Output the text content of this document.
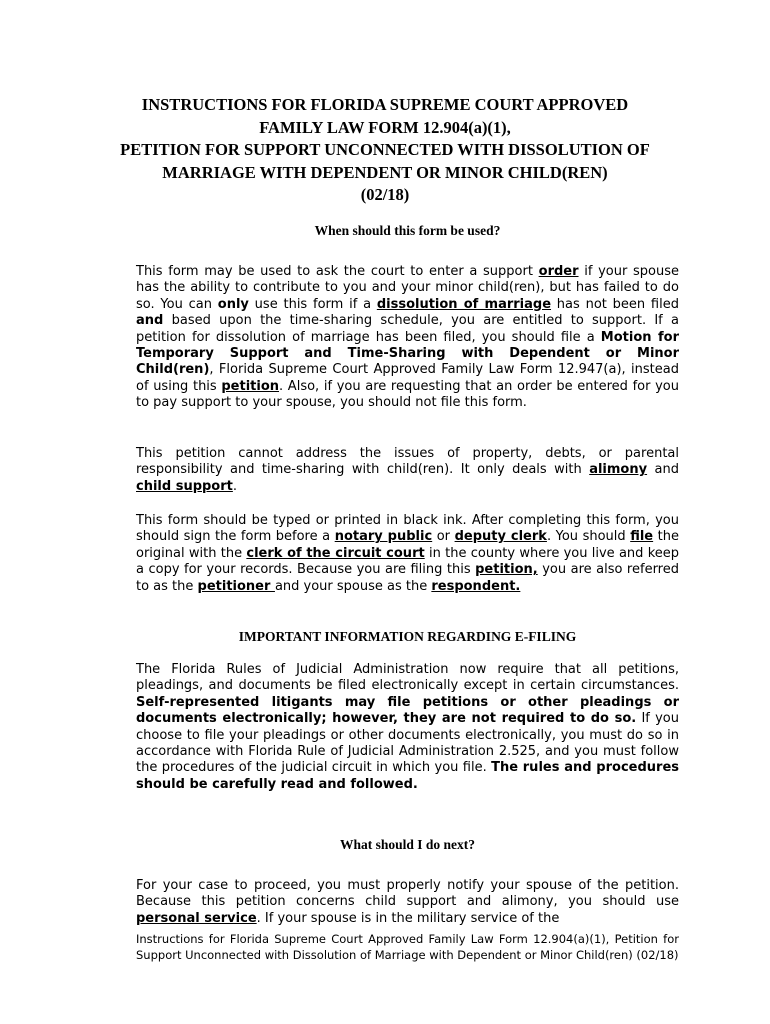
INSTRUCTIONS FOR FLORIDA SUPREME COURT APPROVED
FAMILY LAW FORM 12.904(a)(1),
PETITION FOR SUPPORT UNCONNECTED WITH DISSOLUTION OF
MARRIAGE WITH DEPENDENT OR MINOR CHILD(REN)
(02/18)
When should this form be used?
This form may be used to ask the court to enter a support order if your spouse has the ability to contribute to you and your minor child(ren), but has failed to do so. You can only use this form if a dissolution of marriage has not been filed and based upon the time-sharing schedule, you are entitled to support. If a petition for dissolution of marriage has been filed, you should file a Motion for Temporary Support and Time-Sharing with Dependent or Minor Child(ren), Florida Supreme Court Approved Family Law Form 12.947(a), instead of using this petition. Also, if you are requesting that an order be entered for you to pay support to your spouse, you should not file this form.
This petition cannot address the issues of property, debts, or parental responsibility and time-sharing with child(ren). It only deals with alimony and child support.
This form should be typed or printed in black ink. After completing this form, you should sign the form before a notary public or deputy clerk. You should file the original with the clerk of the circuit court in the county where you live and keep a copy for your records. Because you are filing this petition, you are also referred to as the petitioner and your spouse as the respondent.
IMPORTANT INFORMATION REGARDING E-FILING
The Florida Rules of Judicial Administration now require that all petitions, pleadings, and documents be filed electronically except in certain circumstances. Self-represented litigants may file petitions or other pleadings or documents electronically; however, they are not required to do so. If you choose to file your pleadings or other documents electronically, you must do so in accordance with Florida Rule of Judicial Administration 2.525, and you must follow the procedures of the judicial circuit in which you file. The rules and procedures should be carefully read and followed.
What should I do next?
For your case to proceed, you must properly notify your spouse of the petition. Because this petition concerns child support and alimony, you should use personal service. If your spouse is in the military service of the
Instructions for Florida Supreme Court Approved Family Law Form 12.904(a)(1), Petition for Support Unconnected with Dissolution of Marriage with Dependent or Minor Child(ren) (02/18)
